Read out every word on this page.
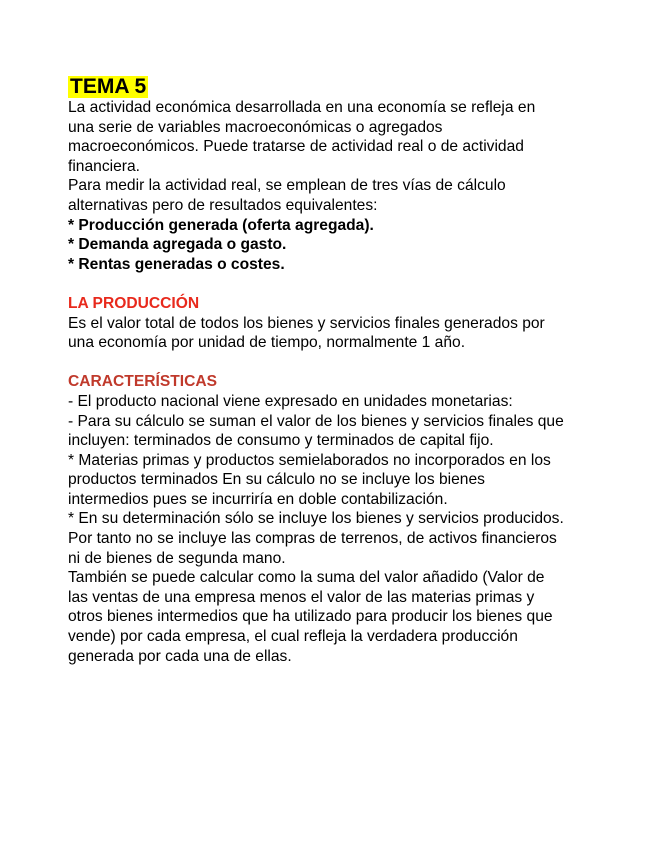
TEMA 5

La actividad económica desarrollada en una economía se refleja en
una serie de variables macroeconómicas o agregados
macroeconómicos. Puede tratarse de actividad real o de actividad
financiera.

Para medir la actividad real, se emplean de tres vías de cálculo
alternativas pero de resultados equivalentes:

* Producción generada (oferta agregada).

* Demanda agregada o gasto.

* Rentas generadas o costes.

LA PRODUCCIÓN

Es el valor total de todos los bienes y servicios finales generados por
una economía por unidad de tiempo, normalmente 1 año.

CARACTERÍSTICAS

- El producto nacional viene expresado en unidades monetarias:

- Para su cálculo se suman el valor de los bienes y servicios finales que
incluyen: terminados de consumo y terminados de capital fijo.

* Materias primas y productos semielaborados no incorporados en los
productos terminados En su cálculo no se incluye los bienes
intermedios pues se incurriría en doble contabilización.

* En su determinación sólo se incluye los bienes y servicios producidos.
Por tanto no se incluye las compras de terrenos, de activos financieros
ni de bienes de segunda mano.

También se puede calcular como la suma del valor añadido (Valor de
las ventas de una empresa menos el valor de las materias primas y
otros bienes intermedios que ha utilizado para producir los bienes que
vende) por cada empresa, el cual refleja la verdadera producción
generada por cada una de ellas.
